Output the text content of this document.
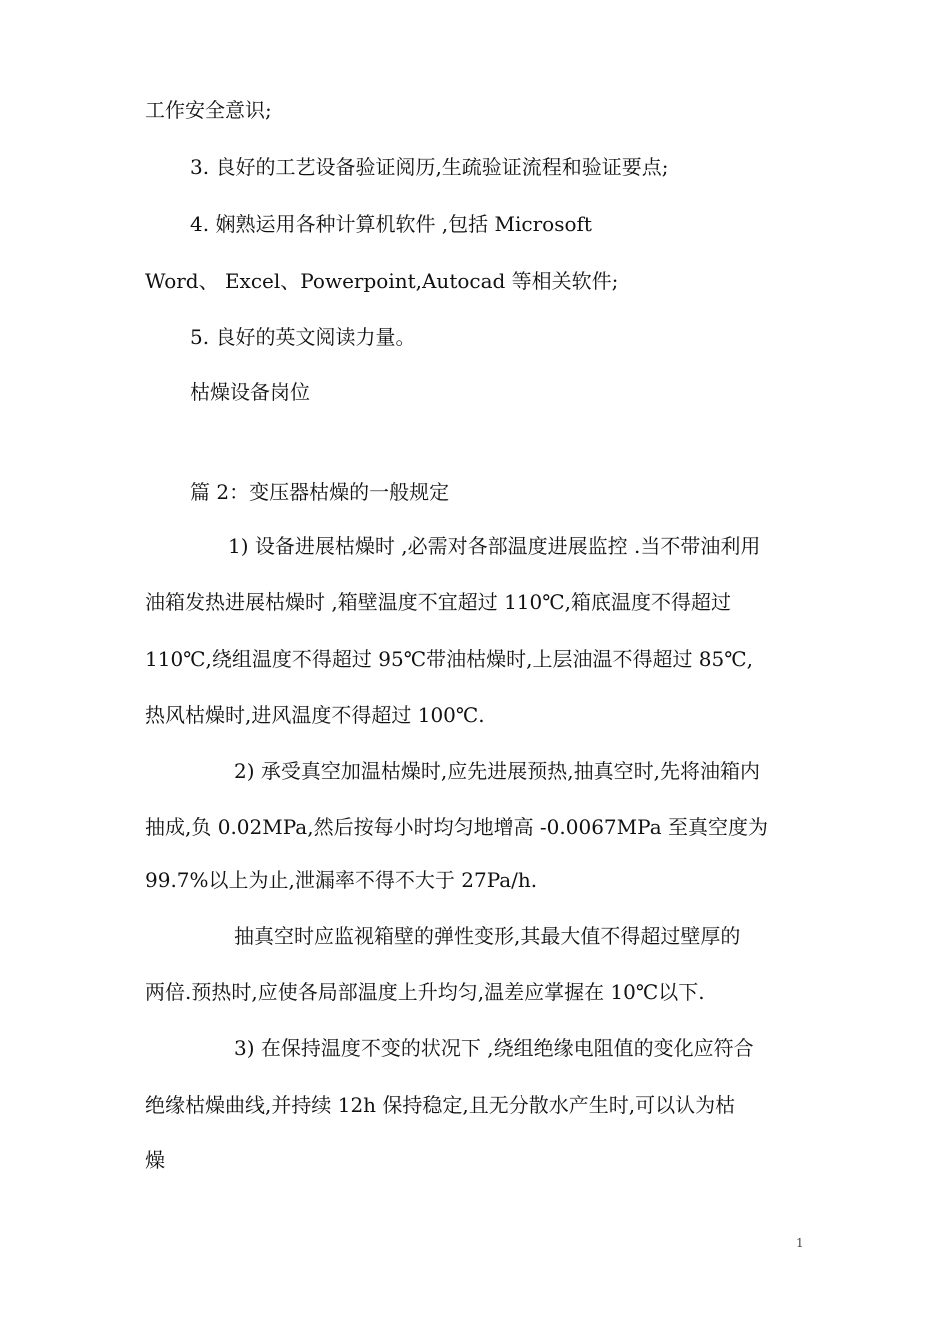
工作安全意识;
3. 良好的工艺设备验证阅历,生疏验证流程和验证要点;
4. 娴熟运用各种计算机软件 ,包括 Microsoft
Word、 Excel、Powerpoint,Autocad 等相关软件;
5. 良好的英文阅读力量。
枯燥设备岗位
篇 2：变压器枯燥的一般规定
1) 设备进展枯燥时 ,必需对各部温度进展监控 .当不带油利用
油箱发热进展枯燥时 ,箱壁温度不宜超过 110℃,箱底温度不得超过
110℃,绕组温度不得超过 95℃带油枯燥时,上层油温不得超过 85℃,
热风枯燥时,进风温度不得超过 100℃.
2) 承受真空加温枯燥时,应先进展预热,抽真空时,先将油箱内
抽成,负 0.02MPa,然后按每小时均匀地增高 -0.0067MPa 至真空度为
99.7%以上为止,泄漏率不得不大于 27Pa/h.
抽真空时应监视箱壁的弹性变形,其最大值不得超过壁厚的
两倍.预热时,应使各局部温度上升均匀,温差应掌握在 10℃以下.
3) 在保持温度不变的状况下 ,绕组绝缘电阻值的变化应符合
绝缘枯燥曲线,并持续 12h 保持稳定,且无分散水产生时,可以认为枯
燥
1
